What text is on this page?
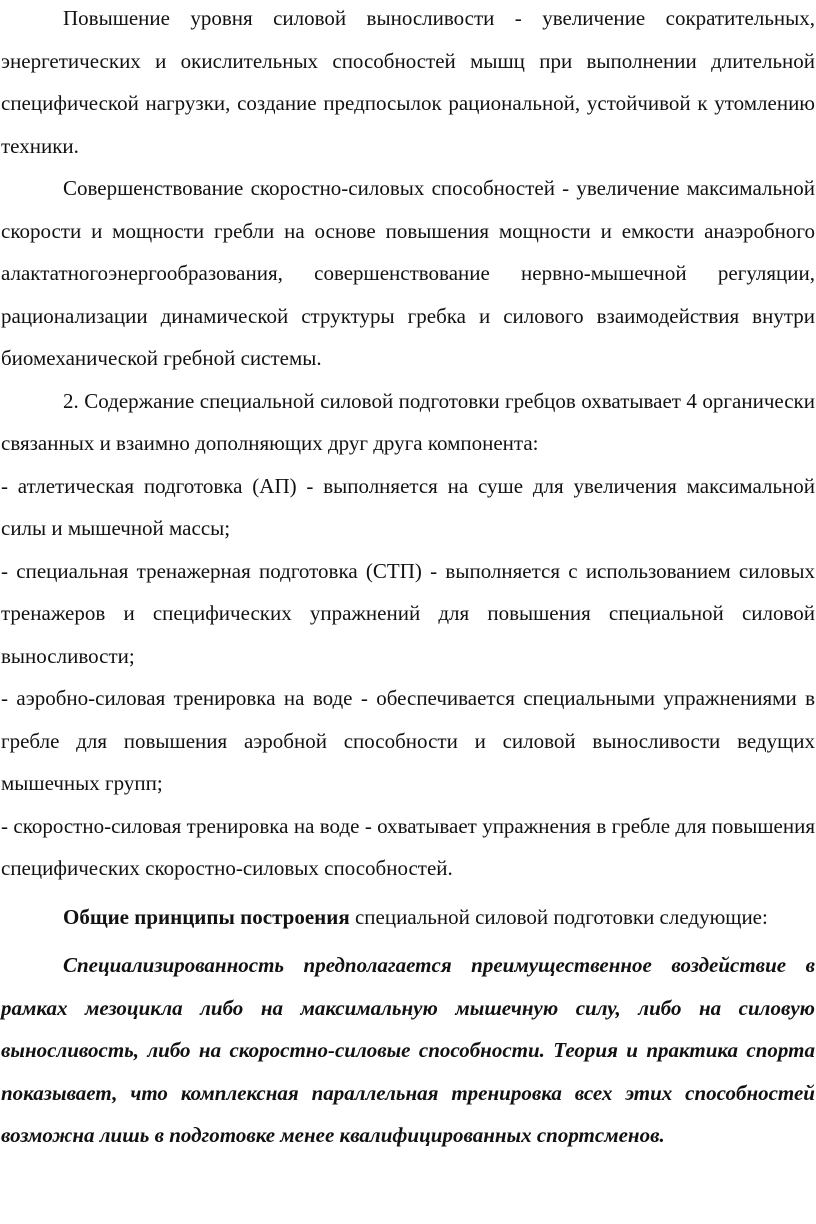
Повышение уровня силовой выносливости - увеличение сократительных, энергетических и окислительных способностей мышц при выполнении длительной специфической нагрузки, создание предпосылок рациональной, устойчивой к утомлению техники.

Совершенствование скоростно-силовых способностей - увеличение максимальной скорости и мощности гребли на основе повышения мощности и емкости анаэробного алактатногоэнергообразования, совершенствование нервно-мышечной регуляции, рационализации динамической структуры гребка и силового взаимодействия внутри биомеханической гребной системы.

2. Содержание специальной силовой подготовки гребцов охватывает 4 органически связанных и взаимно дополняющих друг друга компонента:

- атлетическая подготовка (АП) - выполняется на суше для увеличения максимальной силы и мышечной массы;

- специальная тренажерная подготовка (СТП) - выполняется с использованием силовых тренажеров и специфических упражнений для повышения специальной силовой выносливости;

- аэробно-силовая тренировка на воде - обеспечивается специальными упражнениями в гребле для повышения аэробной способности и силовой выносливости ведущих мышечных групп;

- скоростно-силовая тренировка на воде - охватывает упражнения в гребле для повышения специфических скоростно-силовых способностей.

Общие принципы построения специальной силовой подготовки следующие:

Специализированность предполагается преимущественное воздействие в рамках мезоцикла либо на максимальную мышечную силу, либо на силовую выносливость, либо на скоростно-силовые способности. Теория и практика спорта показывает, что комплексная параллельная тренировка всех этих способностей возможна лишь в подготовке менее квалифицированных спортсменов.
